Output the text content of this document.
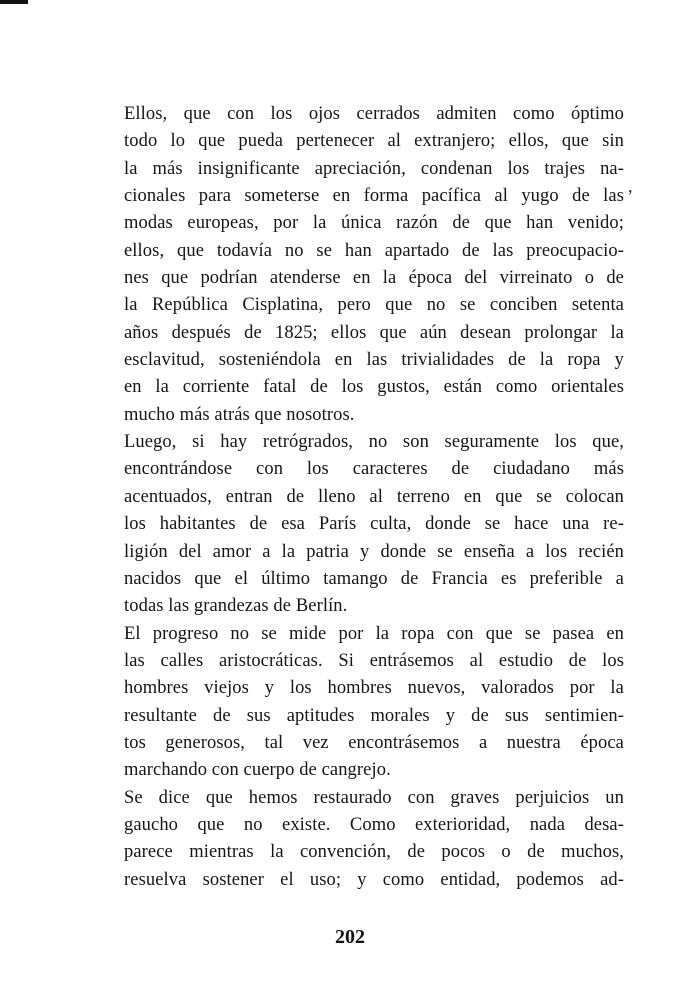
Ellos, que con los ojos cerrados admiten como óptimo
todo lo que pueda pertenecer al extranjero; ellos, que sin
la más insignificante apreciación, condenan los trajes na-
cionales para someterse en forma pacífica al yugo de las
modas europeas, por la única razón de que han venido;
ellos, que todavía no se han apartado de las preocupacio-
nes que podrían atenderse en la época del virreinato o de
la República Cisplatina, pero que no se conciben setenta
años después de 1825; ellos que aún desean prolongar la
esclavitud, sosteniéndola en las trivialidades de la ropa y
en la corriente fatal de los gustos, están como orientales
mucho más atrás que nosotros.
Luego, si hay retrógrados, no son seguramente los que,
encontrándose con los caracteres de ciudadano más
acentuados, entran de lleno al terreno en que se colocan
los habitantes de esa París culta, donde se hace una re-
ligión del amor a la patria y donde se enseña a los recién
nacidos que el último tamango de Francia es preferible a
todas las grandezas de Berlín.
El progreso no se mide por la ropa con que se pasea en
las calles aristocráticas. Si entrásemos al estudio de los
hombres viejos y los hombres nuevos, valorados por la
resultante de sus aptitudes morales y de sus sentimien-
tos generosos, tal vez encontrásemos a nuestra época
marchando con cuerpo de cangrejo.
Se dice que hemos restaurado con graves perjuicios un
gaucho que no existe. Como exterioridad, nada desa-
parece mientras la convención, de pocos o de muchos,
resuelva sostener el uso; y como entidad, podemos ad-
,
202
